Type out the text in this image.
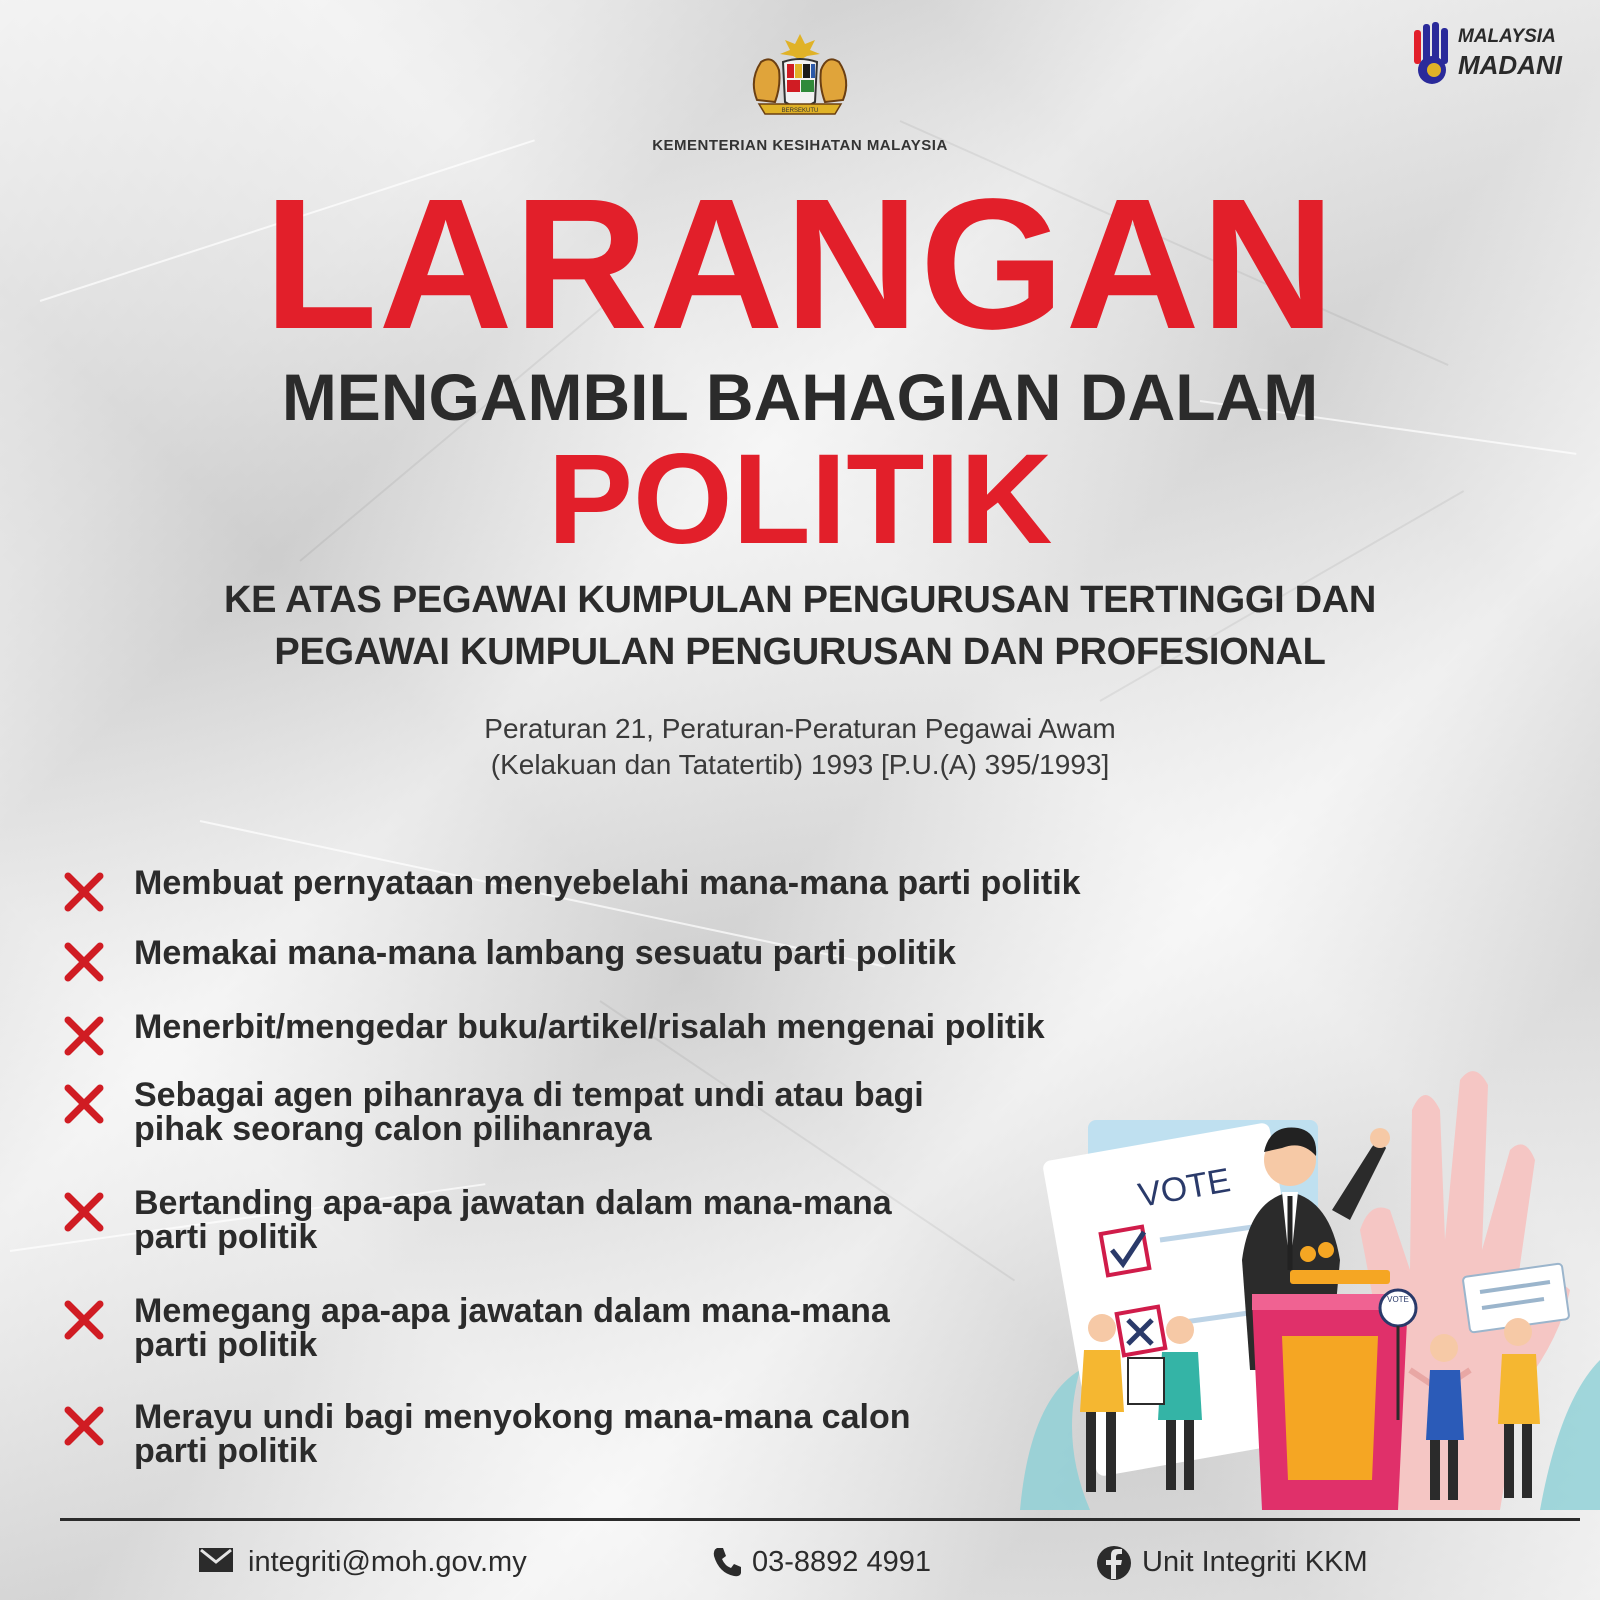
BERSEKUTU
KEMENTERIAN KESIHATAN MALAYSIA
MALAYSIA
MADANI
LARANGAN
MENGAMBIL BAHAGIAN DALAM
POLITIK
KE ATAS PEGAWAI KUMPULAN PENGURUSAN TERTINGGI DAN
PEGAWAI KUMPULAN PENGURUSAN DAN PROFESIONAL
Peraturan 21, Peraturan-Peraturan Pegawai Awam
(Kelakuan dan Tatatertib) 1993 [P.U.(A) 395/1993]
Membuat pernyataan menyebelahi mana-mana parti politik
Memakai mana-mana lambang sesuatu parti politik
Menerbit/mengedar buku/artikel/risalah mengenai politik
Sebagai agen pihanraya di tempat undi atau bagi
pihak seorang calon pilihanraya
Bertanding apa-apa jawatan dalam mana-mana
parti politik
Memegang apa-apa jawatan dalam mana-mana
parti politik
Merayu undi bagi menyokong mana-mana calon
parti politik
VOTE
VOTE
integriti@moh.gov.my	03-8892 4991	Unit Integriti KKM
